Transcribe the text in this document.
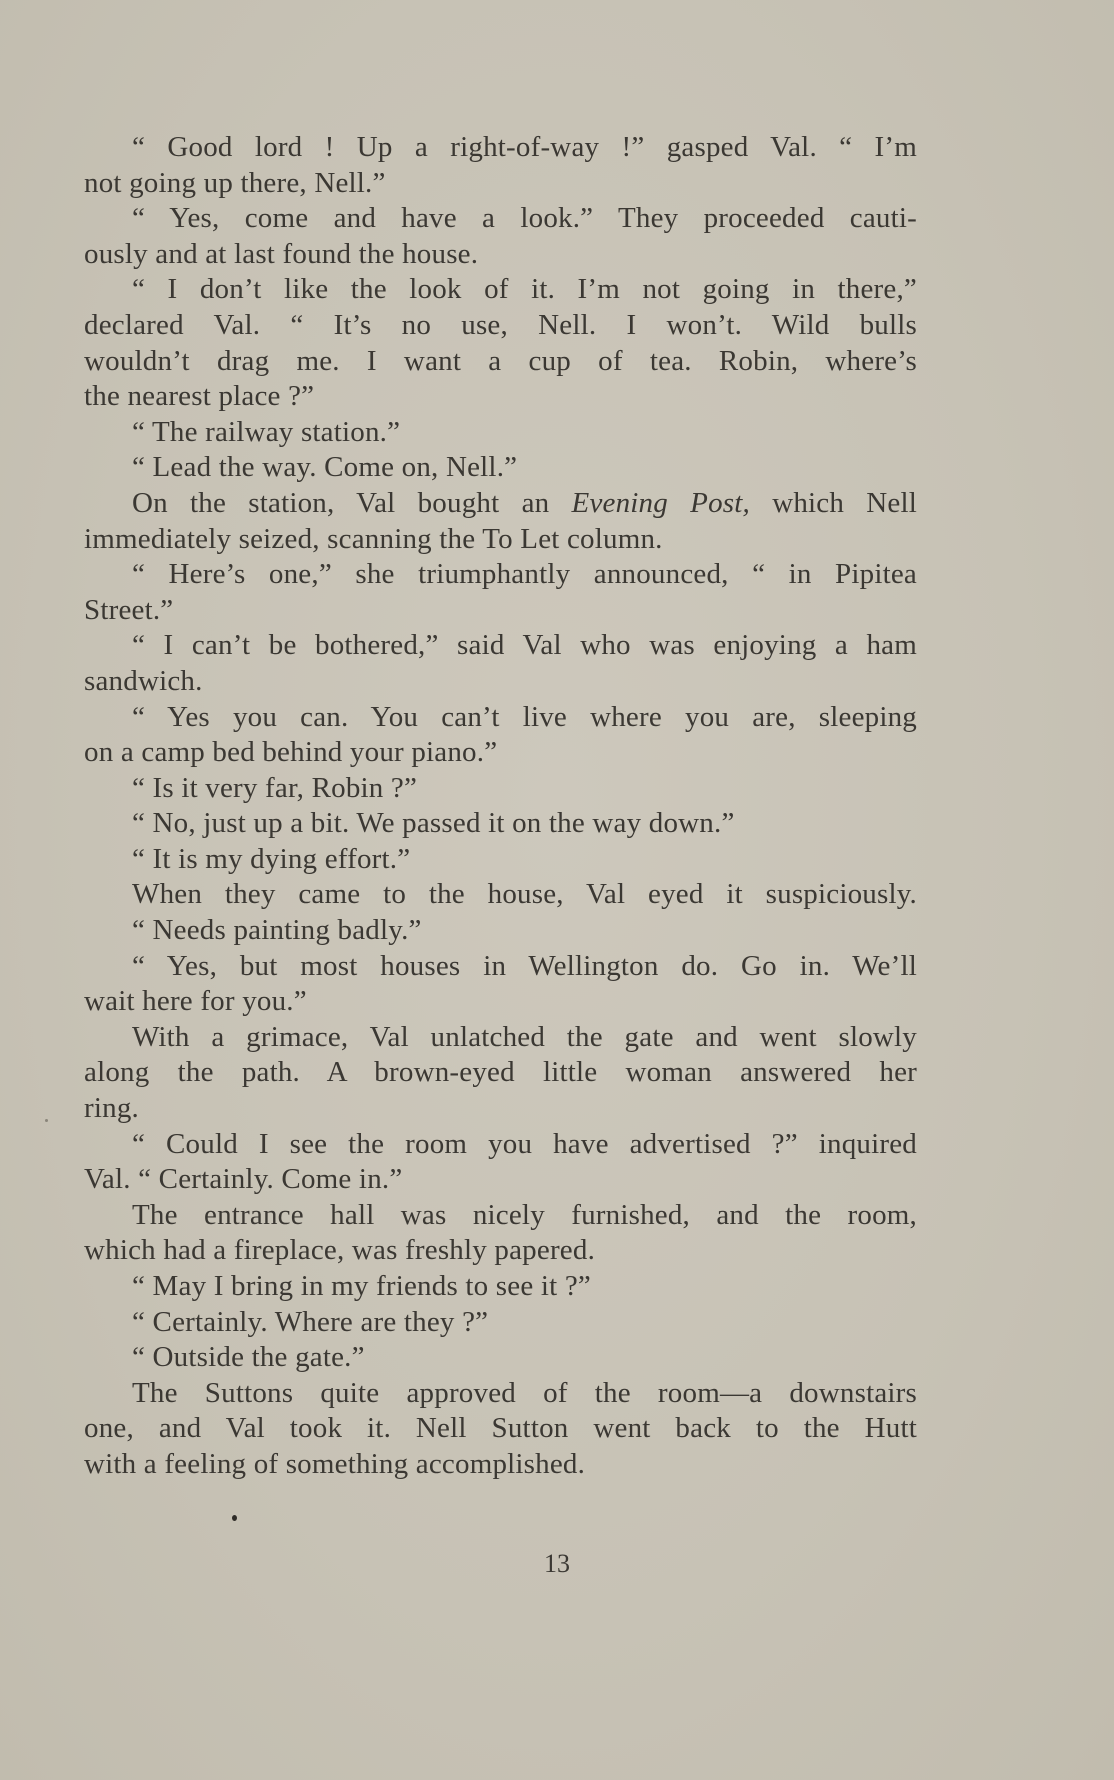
“ Good lord ! Up a right-of-way !” gasped Val. “ I’m
not going up there, Nell.”
“ Yes, come and have a look.” They proceeded cauti-
ously and at last found the house.
“ I don’t like the look of it. I’m not going in there,”
declared Val. “ It’s no use, Nell. I won’t. Wild bulls
wouldn’t drag me. I want a cup of tea. Robin, where’s
the nearest place ?”
“ The railway station.”
“ Lead the way. Come on, Nell.”
On the station, Val bought an Evening Post, which Nell
immediately seized, scanning the To Let column.
“ Here’s one,” she triumphantly announced, “ in Pipitea
Street.”
“ I can’t be bothered,” said Val who was enjoying a ham
sandwich.
“ Yes you can. You can’t live where you are, sleeping
on a camp bed behind your piano.”
“ Is it very far, Robin ?”
“ No, just up a bit. We passed it on the way down.”
“ It is my dying effort.”
When they came to the house, Val eyed it suspiciously.
“ Needs painting badly.”
“ Yes, but most houses in Wellington do. Go in. We’ll
wait here for you.”
With a grimace, Val unlatched the gate and went slowly
along the path. A brown-eyed little woman answered her
ring.
“ Could I see the room you have advertised ?” inquired
Val. “ Certainly. Come in.”
The entrance hall was nicely furnished, and the room,
which had a fireplace, was freshly papered.
“ May I bring in my friends to see it ?”
“ Certainly. Where are they ?”
“ Outside the gate.”
The Suttons quite approved of the room—a downstairs
one, and Val took it. Nell Sutton went back to the Hutt
with a feeling of something accomplished.
13
